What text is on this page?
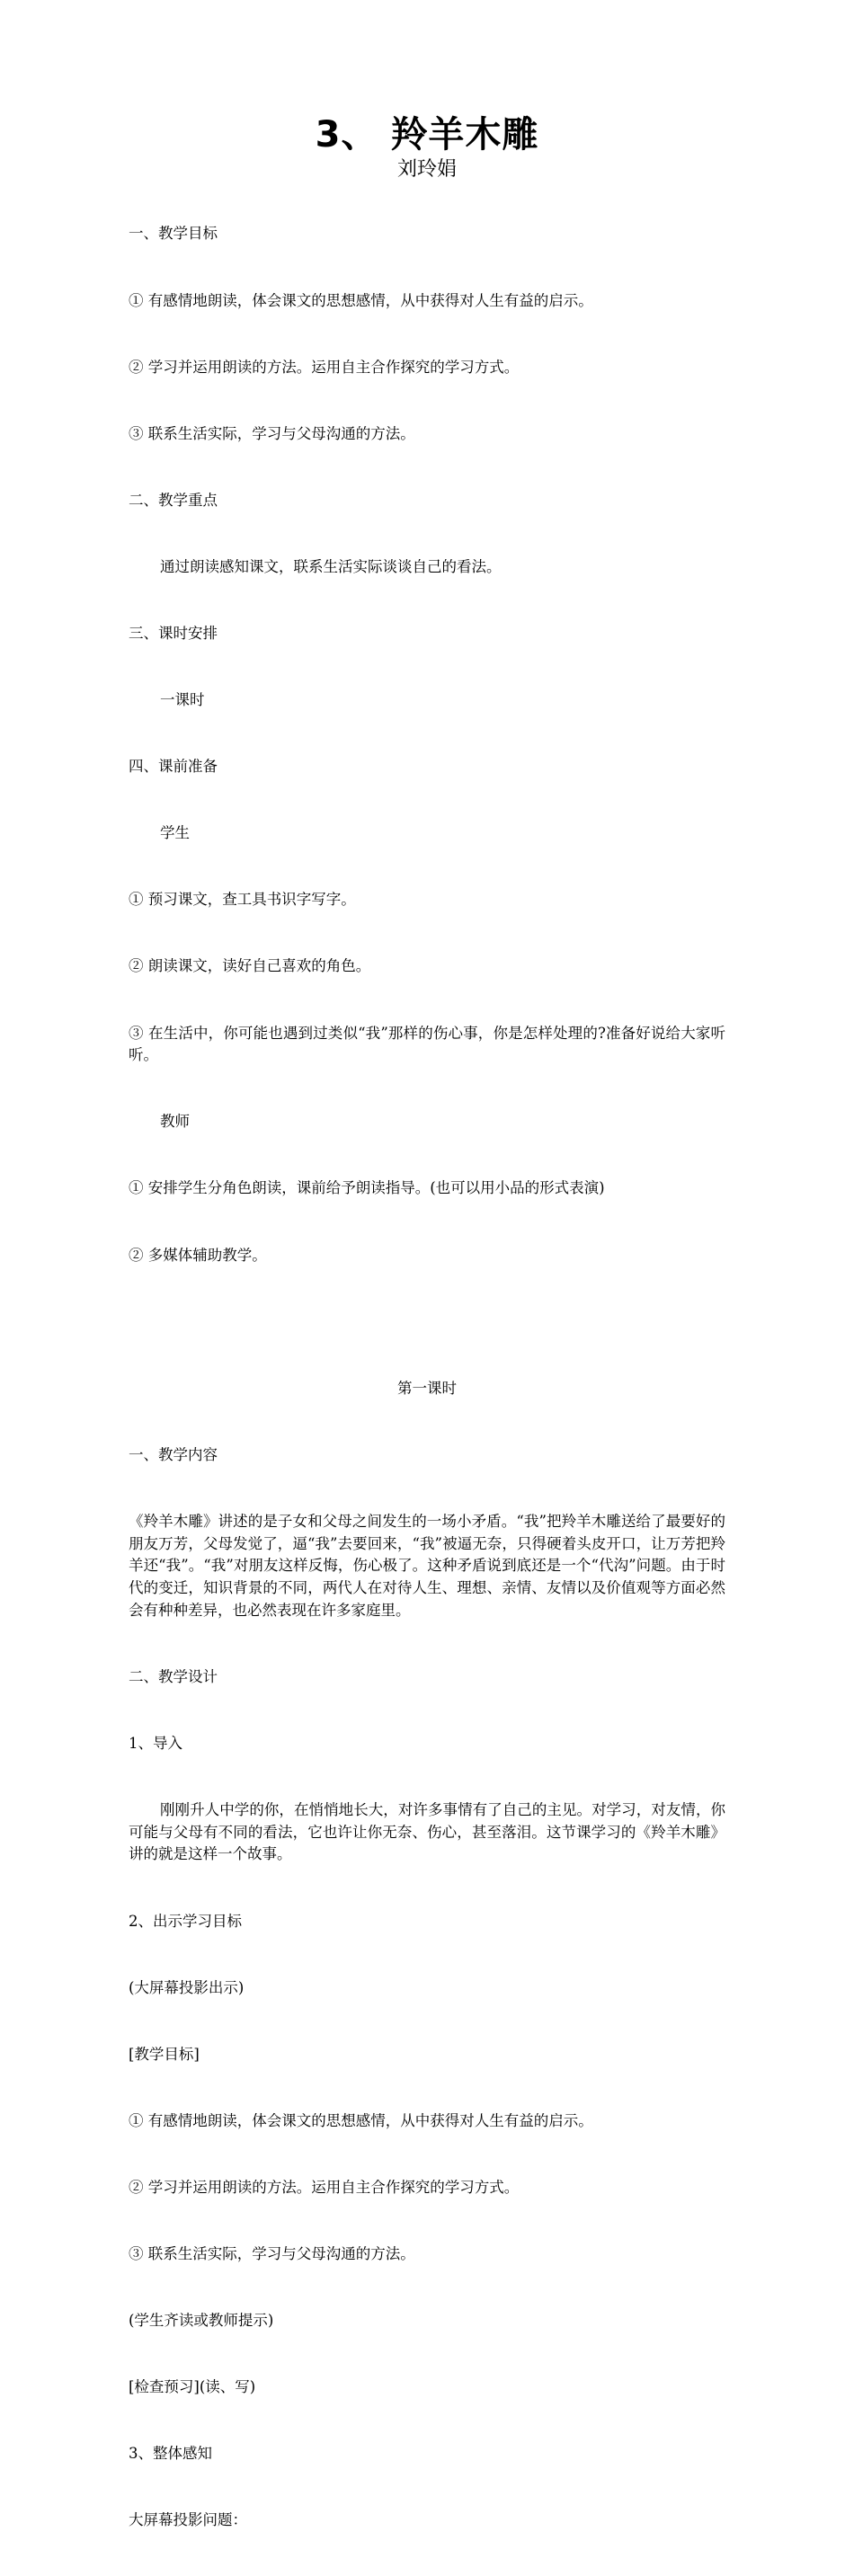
3、 羚羊木雕
刘玲娟

一、教学目标

① 有感情地朗读，体会课文的思想感情，从中获得对人生有益的启示。

② 学习并运用朗读的方法。运用自主合作探究的学习方式。

③ 联系生活实际，学习与父母沟通的方法。

二、教学重点

通过朗读感知课文，联系生活实际谈谈自己的看法。

三、课时安排

一课时

四、课前准备

学生

① 预习课文，查工具书识字写字。

② 朗读课文，读好自己喜欢的角色。

③ 在生活中，你可能也遇到过类似“我”那样的伤心事，你是怎样处理的?准备好说给大家听听。

教师

① 安排学生分角色朗读，课前给予朗读指导。(也可以用小品的形式表演)

② 多媒体辅助教学。

第一课时

一、教学内容

《羚羊木雕》讲述的是子女和父母之间发生的一场小矛盾。“我”把羚羊木雕送给了最要好的朋友万芳，父母发觉了，逼“我”去要回来，“我”被逼无奈，只得硬着头皮开口，让万芳把羚羊还“我”。“我”对朋友这样反悔，伤心极了。这种矛盾说到底还是一个“代沟”问题。由于时代的变迁，知识背景的不同，两代人在对待人生、理想、亲情、友情以及价值观等方面必然会有种种差异，也必然表现在许多家庭里。

二、教学设计

1、导入

刚刚升人中学的你，在悄悄地长大，对许多事情有了自己的主见。对学习，对友情，你可能与父母有不同的看法，它也许让你无奈、伤心，甚至落泪。这节课学习的《羚羊木雕》讲的就是这样一个故事。

2、出示学习目标

(大屏幕投影出示)

[教学目标]

① 有感情地朗读，体会课文的思想感情，从中获得对人生有益的启示。

② 学习并运用朗读的方法。运用自主合作探究的学习方式。

③ 联系生活实际，学习与父母沟通的方法。

(学生齐读或教师提示)

[检查预习](读、写)

3、整体感知

大屏幕投影问题：
